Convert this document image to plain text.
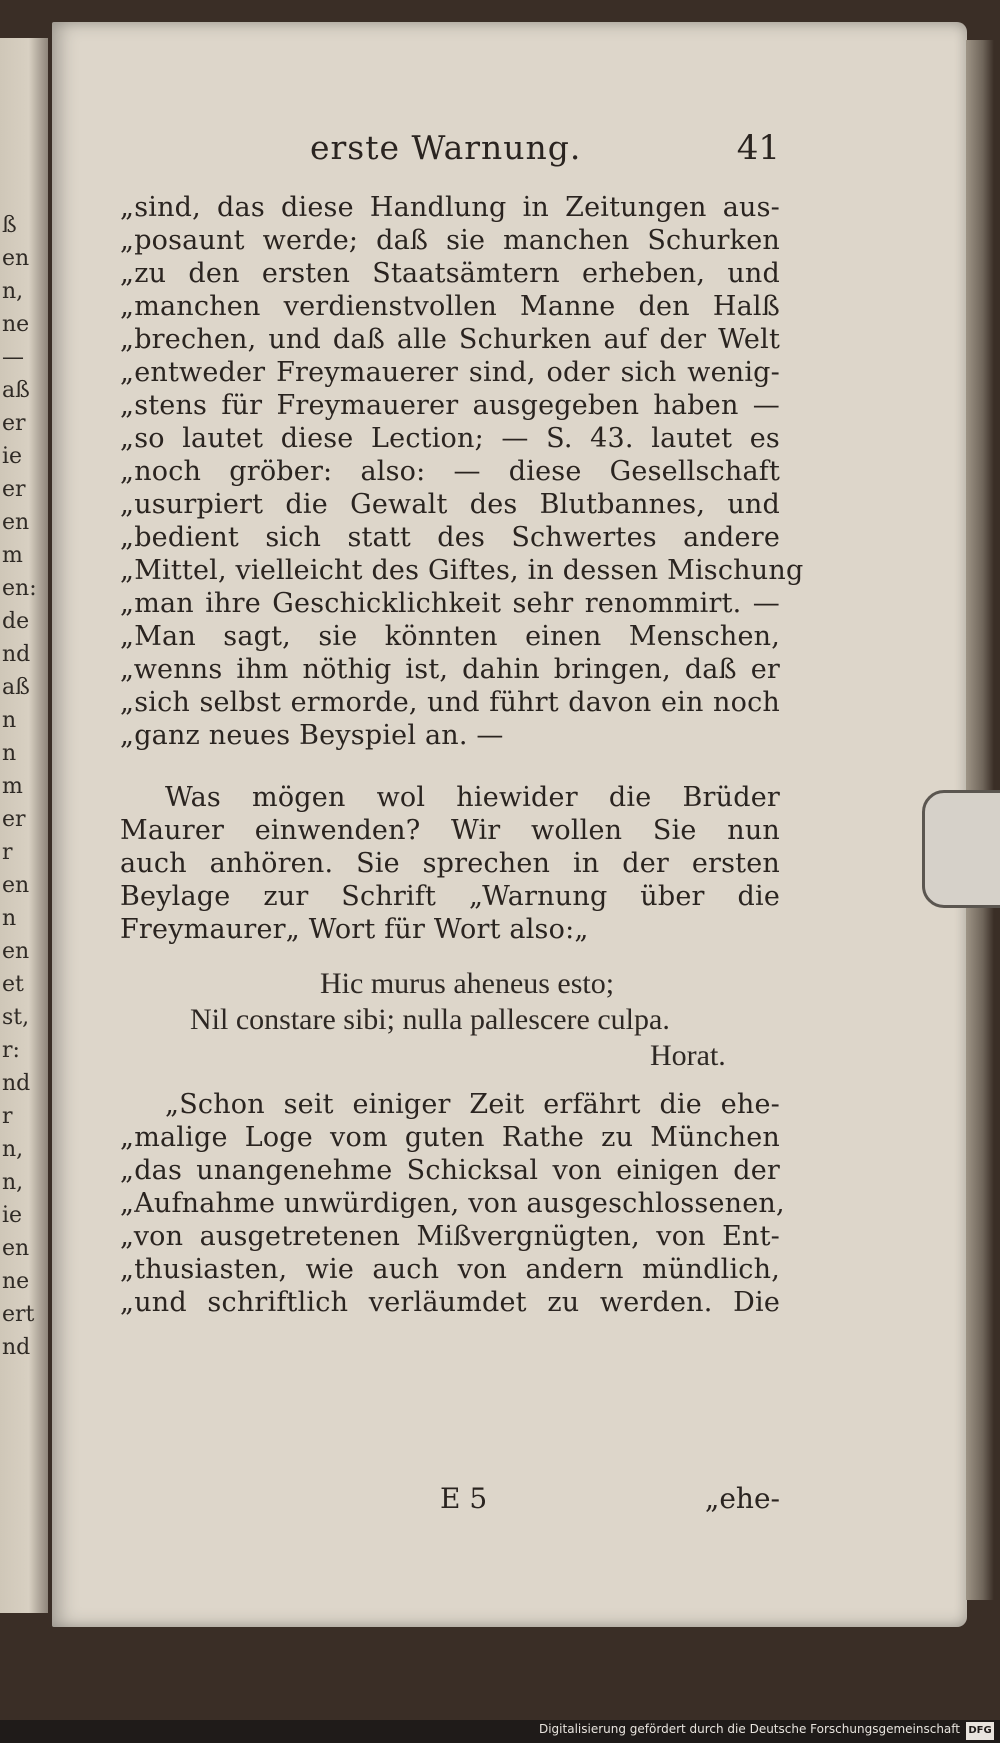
ß
en
n,
ne
—
aß
er
ie
er
en
m
en:
de
nd
aß
n
n
m
er
r
en
n
en
et
st,
r:
nd
r
n,
n,
ie
en
ne
ert
nd
erste Warnung.	41
„sind, das diese Handlung in Zeitungen aus-
„posaunt werde; daß sie manchen Schurken
„zu den ersten Staatsämtern erheben, und
„manchen verdienstvollen Manne den Halß
„brechen, und daß alle Schurken auf der Welt
„entweder Freymauerer sind, oder sich wenig-
„stens für Freymauerer ausgegeben haben —
„so lautet diese Lection; — S. 43. lautet es
„noch gröber: also: — diese Gesellschaft
„usurpiert die Gewalt des Blutbannes, und
„bedient sich statt des Schwertes andere
„Mittel, vielleicht des Giftes, in dessen Mischung
„man ihre Geschicklichkeit sehr renommirt. —
„Man sagt, sie könnten einen Menschen,
„wenns ihm nöthig ist, dahin bringen, daß er
„sich selbst ermorde, und führt davon ein noch
„ganz neues Beyspiel an. —
Was mögen wol hiewider die Brüder
Maurer einwenden? Wir wollen Sie nun
auch anhören. Sie sprechen in der ersten
Beylage zur Schrift „Warnung über die
Freymaurer„ Wort für Wort also:„
Hic murus aheneus esto;
Nil constare sibi; nulla pallescere culpa.
Horat.
„Schon seit einiger Zeit erfährt die ehe-
„malige Loge vom guten Rathe zu München
„das unangenehme Schicksal von einigen der
„Aufnahme unwürdigen, von ausgeschlossenen,
„von ausgetretenen Mißvergnügten, von Ent-
„thusiasten, wie auch von andern mündlich,
„und schriftlich verläumdet zu werden. Die
E 5	„ehe-
Digitalisierung gefördert durch die Deutsche Forschungsgemeinschaft DFG
